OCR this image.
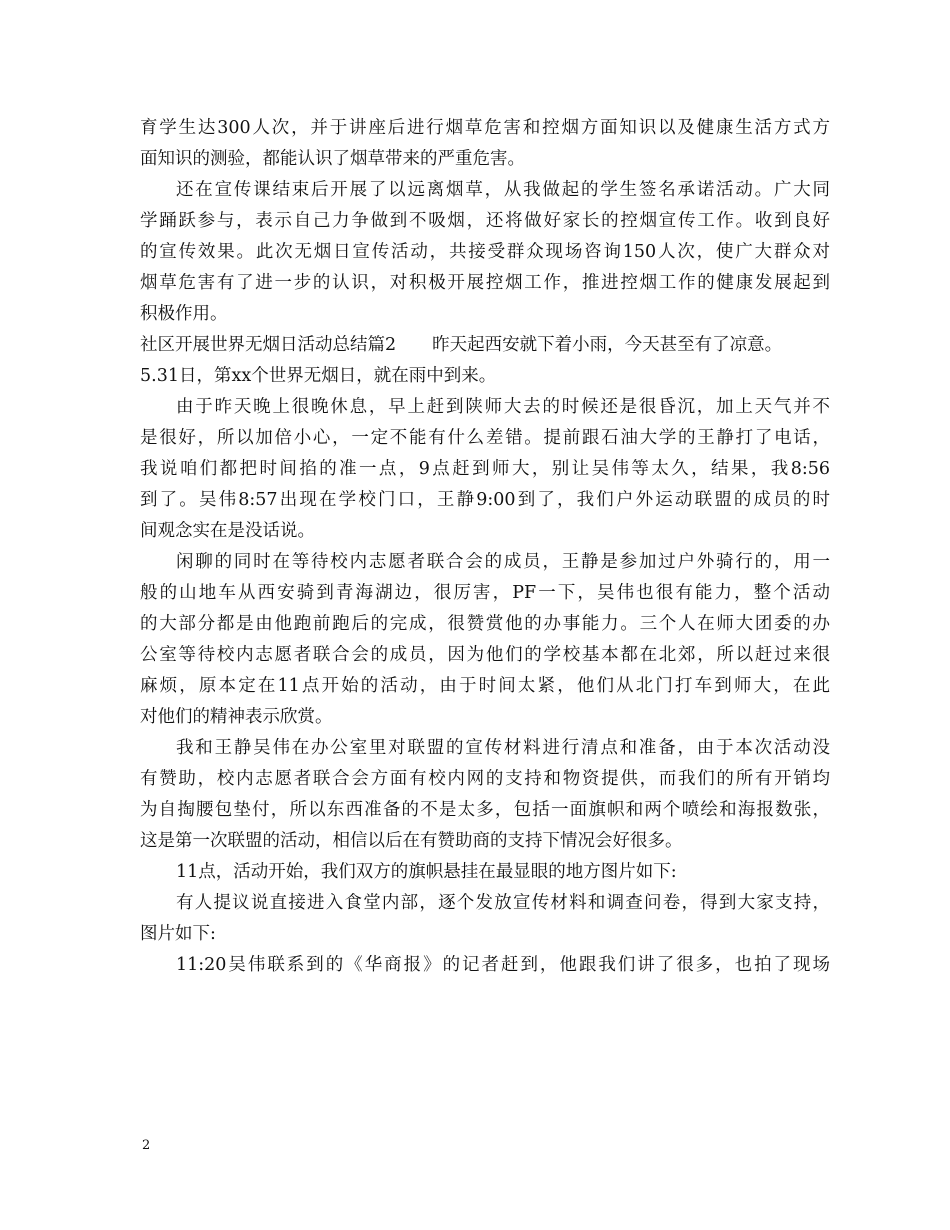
育学生达300人次，并于讲座后进行烟草危害和控烟方面知识以及健康生活方式方
面知识的测验，都能认识了烟草带来的严重危害。
还在宣传课结束后开展了以远离烟草，从我做起的学生签名承诺活动。广大同
学踊跃参与，表示自己力争做到不吸烟，还将做好家长的控烟宣传工作。收到良好
的宣传效果。此次无烟日宣传活动，共接受群众现场咨询150人次，使广大群众对
烟草危害有了进一步的认识，对积极开展控烟工作，推进控烟工作的健康发展起到
积极作用。
社区开展世界无烟日活动总结篇2 昨天起西安就下着小雨，今天甚至有了凉意。
5.31日，第xx个世界无烟日，就在雨中到来。
由于昨天晚上很晚休息，早上赶到陕师大去的时候还是很昏沉，加上天气并不
是很好，所以加倍小心，一定不能有什么差错。提前跟石油大学的王静打了电话，
我说咱们都把时间掐的准一点，9点赶到师大，别让吴伟等太久，结果，我8:56
到了。吴伟8:57出现在学校门口，王静9:00到了，我们户外运动联盟的成员的时
间观念实在是没话说。
闲聊的同时在等待校内志愿者联合会的成员，王静是参加过户外骑行的，用一
般的山地车从西安骑到青海湖边，很厉害，PF一下，吴伟也很有能力，整个活动
的大部分都是由他跑前跑后的完成，很赞赏他的办事能力。三个人在师大团委的办
公室等待校内志愿者联合会的成员，因为他们的学校基本都在北郊，所以赶过来很
麻烦，原本定在11点开始的活动，由于时间太紧，他们从北门打车到师大，在此
对他们的精神表示欣赏。
我和王静吴伟在办公室里对联盟的宣传材料进行清点和准备，由于本次活动没
有赞助，校内志愿者联合会方面有校内网的支持和物资提供，而我们的所有开销均
为自掏腰包垫付，所以东西准备的不是太多，包括一面旗帜和两个喷绘和海报数张，
这是第一次联盟的活动，相信以后在有赞助商的支持下情况会好很多。
11点，活动开始，我们双方的旗帜悬挂在最显眼的地方图片如下:
有人提议说直接进入食堂内部，逐个发放宣传材料和调查问卷，得到大家支持，
图片如下:
11:20吴伟联系到的《华商报》的记者赶到，他跟我们讲了很多，也拍了现场
2
